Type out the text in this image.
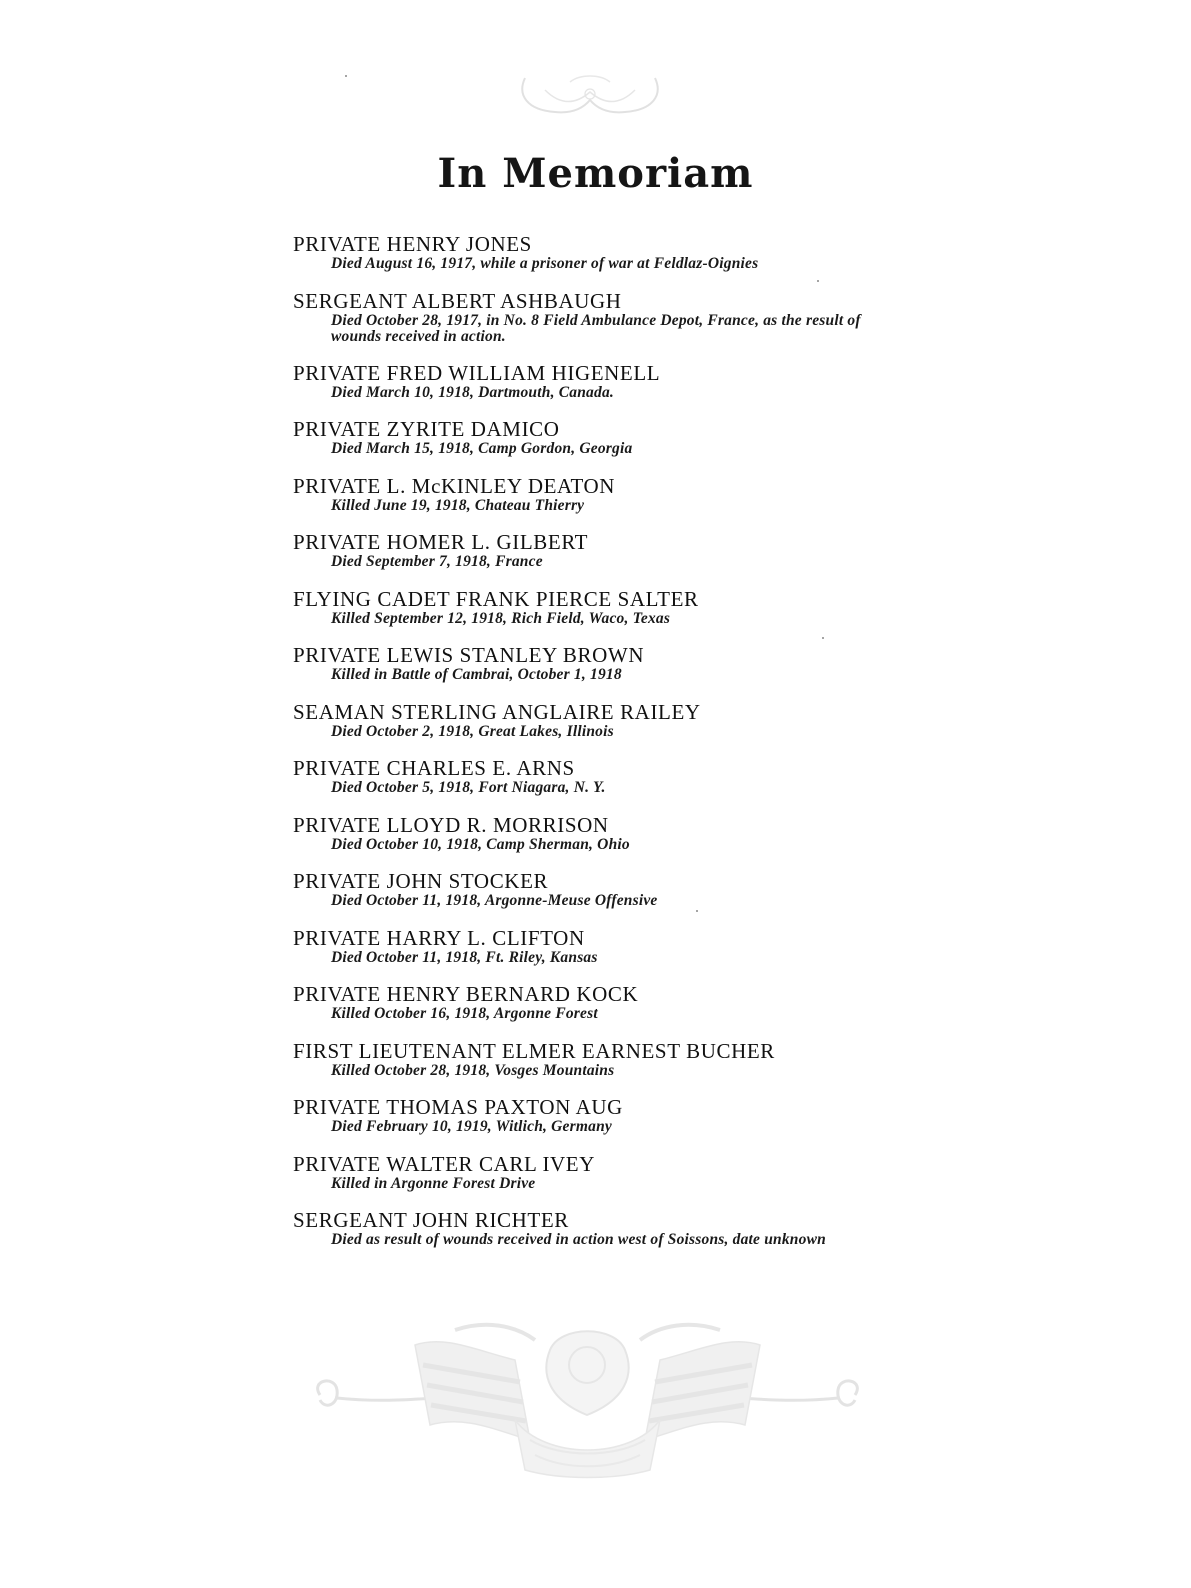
In Memoriam
PRIVATE HENRY JONES
Died August 16, 1917, while a prisoner of war at Feldlaz-Oignies
SERGEANT ALBERT ASHBAUGH
Died October 28, 1917, in No. 8 Field Ambulance Depot, France, as the result of wounds received in action.
PRIVATE FRED WILLIAM HIGENELL
Died March 10, 1918, Dartmouth, Canada.
PRIVATE ZYRITE DAMICO
Died March 15, 1918, Camp Gordon, Georgia
PRIVATE L. McKINLEY DEATON
Killed June 19, 1918, Chateau Thierry
PRIVATE HOMER L. GILBERT
Died September 7, 1918, France
FLYING CADET FRANK PIERCE SALTER
Killed September 12, 1918, Rich Field, Waco, Texas
PRIVATE LEWIS STANLEY BROWN
Killed in Battle of Cambrai, October 1, 1918
SEAMAN STERLING ANGLAIRE RAILEY
Died October 2, 1918, Great Lakes, Illinois
PRIVATE CHARLES E. ARNS
Died October 5, 1918, Fort Niagara, N. Y.
PRIVATE LLOYD R. MORRISON
Died October 10, 1918, Camp Sherman, Ohio
PRIVATE JOHN STOCKER
Died October 11, 1918, Argonne-Meuse Offensive
PRIVATE HARRY L. CLIFTON
Died October 11, 1918, Ft. Riley, Kansas
PRIVATE HENRY BERNARD KOCK
Killed October 16, 1918, Argonne Forest
FIRST LIEUTENANT ELMER EARNEST BUCHER
Killed October 28, 1918, Vosges Mountains
PRIVATE THOMAS PAXTON AUG
Died February 10, 1919, Witlich, Germany
PRIVATE WALTER CARL IVEY
Killed in Argonne Forest Drive
SERGEANT JOHN RICHTER
Died as result of wounds received in action west of Soissons, date unknown
